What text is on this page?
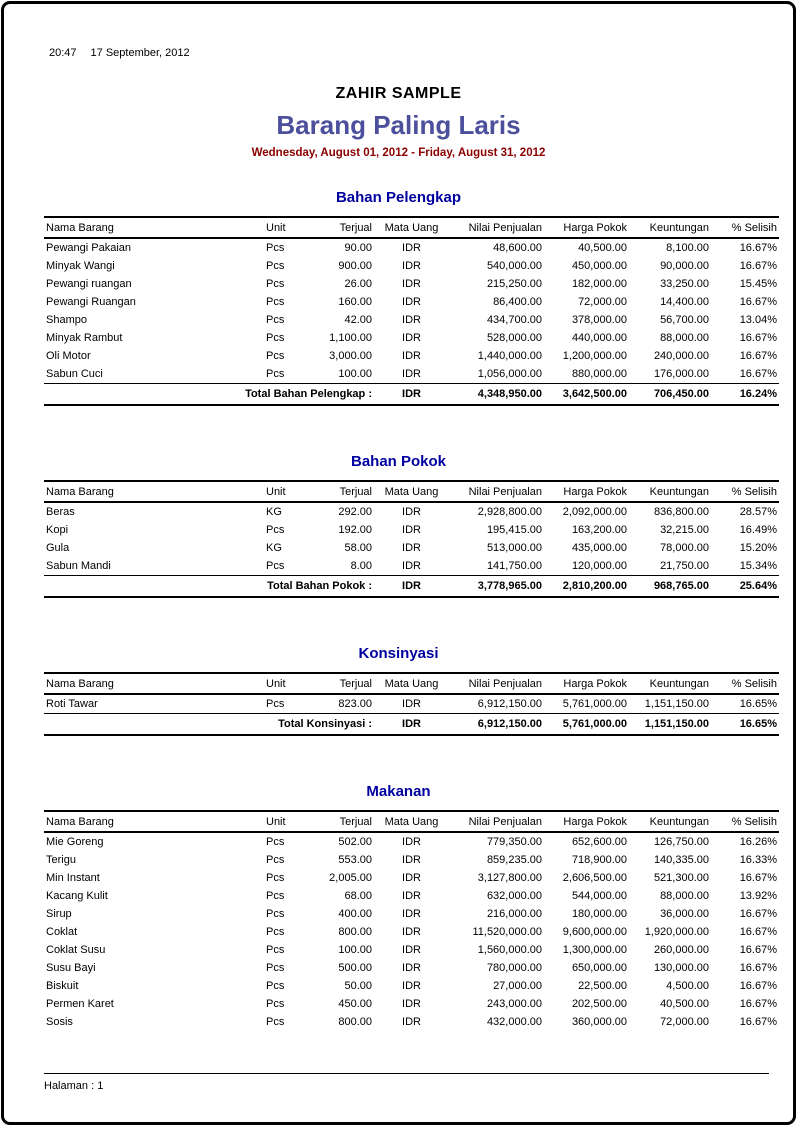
20:47 17 September, 2012
ZAHIR SAMPLE
Barang Paling Laris
Wednesday, August 01, 2012 - Friday, August 31, 2012
Bahan Pelengkap
Nama Barang	Unit	Terjual	Mata Uang	Nilai Penjualan	Harga Pokok	Keuntungan	% Selisih
Pewangi Pakaian	Pcs	90.00	IDR	48,600.00	40,500.00	8,100.00	16.67%
Minyak Wangi	Pcs	900.00	IDR	540,000.00	450,000.00	90,000.00	16.67%
Pewangi ruangan	Pcs	26.00	IDR	215,250.00	182,000.00	33,250.00	15.45%
Pewangi Ruangan	Pcs	160.00	IDR	86,400.00	72,000.00	14,400.00	16.67%
Shampo	Pcs	42.00	IDR	434,700.00	378,000.00	56,700.00	13.04%
Minyak Rambut	Pcs	1,100.00	IDR	528,000.00	440,000.00	88,000.00	16.67%
Oli Motor	Pcs	3,000.00	IDR	1,440,000.00	1,200,000.00	240,000.00	16.67%
Sabun Cuci	Pcs	100.00	IDR	1,056,000.00	880,000.00	176,000.00	16.67%
Total Bahan Pelengkap :			IDR	4,348,950.00	3,642,500.00	706,450.00	16.24%
Bahan Pokok
Nama Barang	Unit	Terjual	Mata Uang	Nilai Penjualan	Harga Pokok	Keuntungan	% Selisih
Beras	KG	292.00	IDR	2,928,800.00	2,092,000.00	836,800.00	28.57%
Kopi	Pcs	192.00	IDR	195,415.00	163,200.00	32,215.00	16.49%
Gula	KG	58.00	IDR	513,000.00	435,000.00	78,000.00	15.20%
Sabun Mandi	Pcs	8.00	IDR	141,750.00	120,000.00	21,750.00	15.34%
Total Bahan Pokok :			IDR	3,778,965.00	2,810,200.00	968,765.00	25.64%
Konsinyasi
Nama Barang	Unit	Terjual	Mata Uang	Nilai Penjualan	Harga Pokok	Keuntungan	% Selisih
Roti Tawar	Pcs	823.00	IDR	6,912,150.00	5,761,000.00	1,151,150.00	16.65%
Total Konsinyasi :			IDR	6,912,150.00	5,761,000.00	1,151,150.00	16.65%
Makanan
Nama Barang	Unit	Terjual	Mata Uang	Nilai Penjualan	Harga Pokok	Keuntungan	% Selisih
Mie Goreng	Pcs	502.00	IDR	779,350.00	652,600.00	126,750.00	16.26%
Terigu	Pcs	553.00	IDR	859,235.00	718,900.00	140,335.00	16.33%
Min Instant	Pcs	2,005.00	IDR	3,127,800.00	2,606,500.00	521,300.00	16.67%
Kacang Kulit	Pcs	68.00	IDR	632,000.00	544,000.00	88,000.00	13.92%
Sirup	Pcs	400.00	IDR	216,000.00	180,000.00	36,000.00	16.67%
Coklat	Pcs	800.00	IDR	11,520,000.00	9,600,000.00	1,920,000.00	16.67%
Coklat Susu	Pcs	100.00	IDR	1,560,000.00	1,300,000.00	260,000.00	16.67%
Susu Bayi	Pcs	500.00	IDR	780,000.00	650,000.00	130,000.00	16.67%
Biskuit	Pcs	50.00	IDR	27,000.00	22,500.00	4,500.00	16.67%
Permen Karet	Pcs	450.00	IDR	243,000.00	202,500.00	40,500.00	16.67%
Sosis	Pcs	800.00	IDR	432,000.00	360,000.00	72,000.00	16.67%
Halaman : 1
